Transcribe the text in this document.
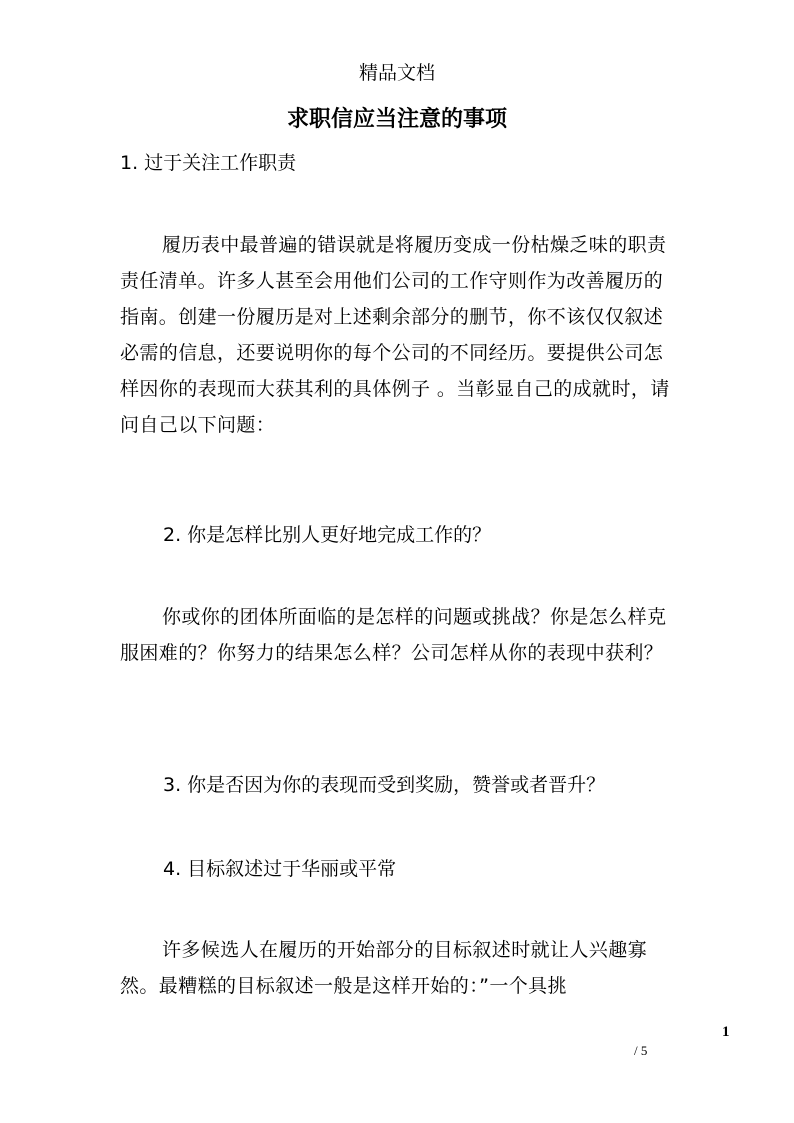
精品文档
求职信应当注意的事项
1. 过于关注工作职责
履历表中最普遍的错误就是将履历变成一份枯燥乏味的职责责任清单。许多人甚至会用他们公司的工作守则作为改善履历的指南。创建一份履历是对上述剩余部分的删节，你不该仅仅叙述必需的信息，还要说明你的每个公司的不同经历。要提供公司怎样因你的表现而大获其利的具体例子 。当彰显自己的成就时，请问自己以下问题：
2. 你是怎样比别人更好地完成工作的？
你或你的团体所面临的是怎样的问题或挑战？你是怎么样克服困难的？你努力的结果怎么样？公司怎样从你的表现中获利？
3. 你是否因为你的表现而受到奖励，赞誉或者晋升？
4. 目标叙述过于华丽或平常
许多候选人在履历的开始部分的目标叙述时就让人兴趣寡然。最糟糕的目标叙述一般是这样开始的：”一个具挑
1
/ 5
